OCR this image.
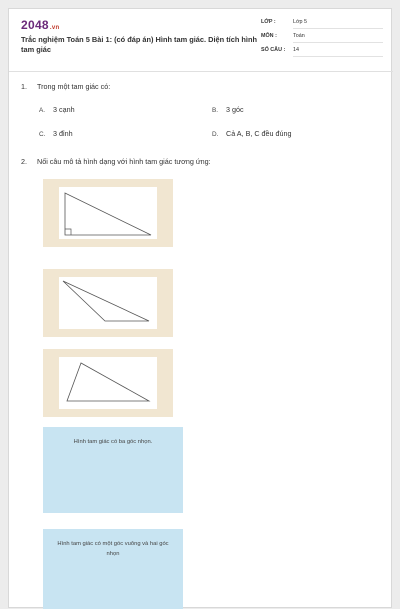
2048.vn
Trắc nghiệm Toán 5 Bài 1: (có đáp án) Hình tam giác. Diện tích hình tam giác
LỚP :	Lớp 5
MÔN :	Toán
SỐ CÂU :	14
1. Trong một tam giác có:
A. 3 cạnh	B. 3 góc
C. 3 đỉnh	D. Cả A, B, C đều đúng
2. Nối câu mô tả hình dạng với hình tam giác tương ứng:
Hình tam giác có ba góc nhọn.
Hình tam giác có một góc vuông và hai góc nhọn
